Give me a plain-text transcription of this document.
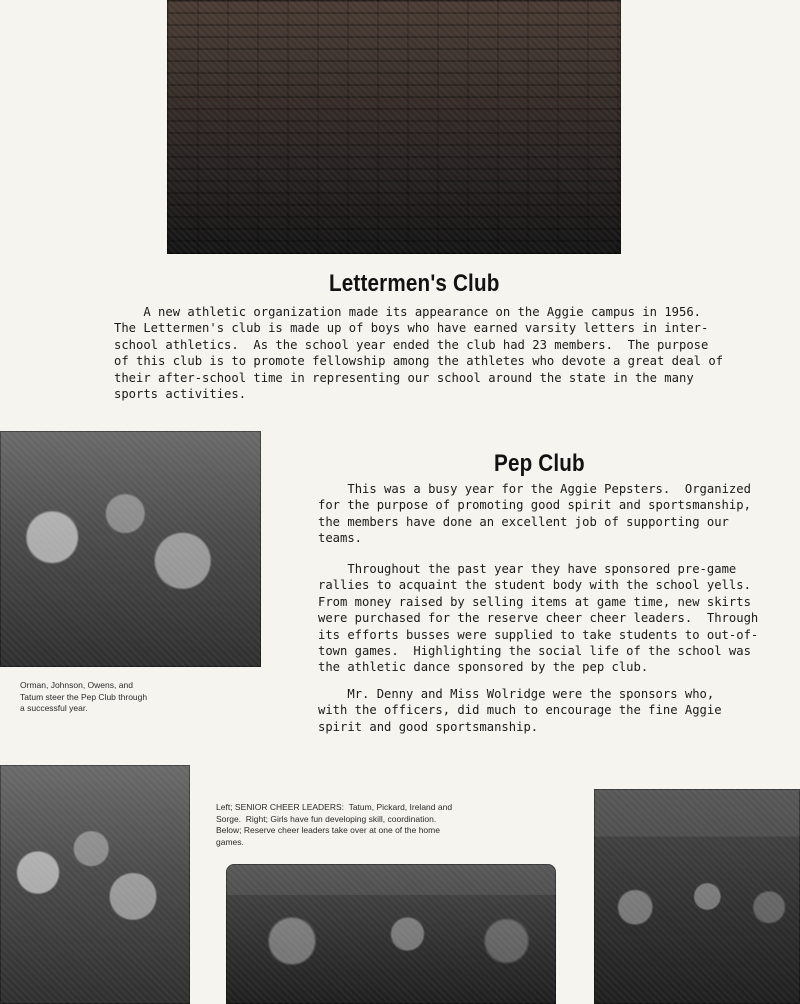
Lettermen's Club
A new athletic organization made its appearance on the Aggie campus in 1956.
The Lettermen's club is made up of boys who have earned varsity letters in inter-
school athletics.  As the school year ended the club had 23 members.  The purpose
of this club is to promote fellowship among the athletes who devote a great deal of
their after-school time in representing our school around the state in the many
sports activities.
Pep Club
This was a busy year for the Aggie Pepsters.  Organized
for the purpose of promoting good spirit and sportsmanship,
the members have done an excellent job of supporting our
teams.
Throughout the past year they have sponsored pre-game
rallies to acquaint the student body with the school yells.
From money raised by selling items at game time, new skirts
were purchased for the reserve cheer cheer leaders.  Through
its efforts busses were supplied to take students to out-of-
town games.  Highlighting the social life of the school was
the athletic dance sponsored by the pep club.
Mr. Denny and Miss Wolridge were the sponsors who,
with the officers, did much to encourage the fine Aggie
spirit and good sportsmanship.
Orman, Johnson, Owens, and
Tatum steer the Pep Club through
a successful year.
Left; SENIOR CHEER LEADERS:  Tatum, Pickard, Ireland and
Sorge.  Right; Girls have fun developing skill, coordination.
Below; Reserve cheer leaders take over at one of the home
games.
